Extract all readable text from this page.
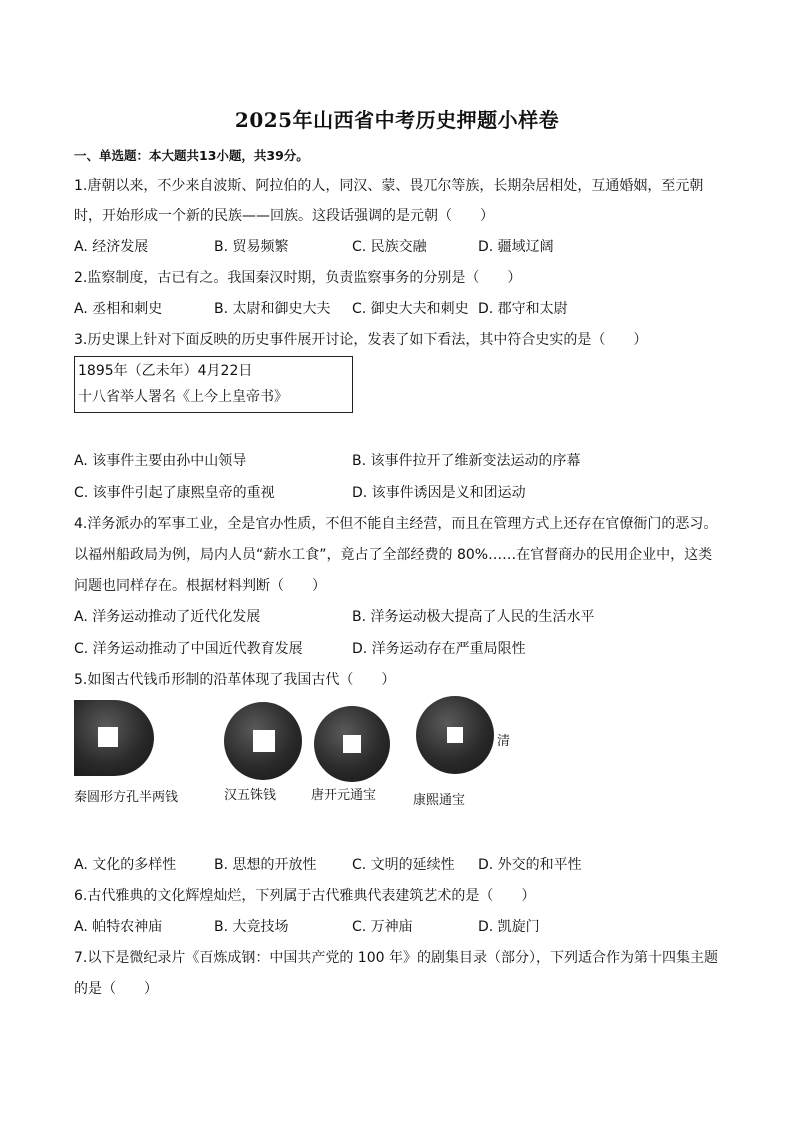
2025年山西省中考历史押题小样卷
一、单选题：本大题共13小题，共39分。
1.唐朝以来，不少来自波斯、阿拉伯的人，同汉、蒙、畏兀尔等族，长期杂居相处，互通婚姻，至元朝
时，开始形成一个新的民族——回族。这段话强调的是元朝（　　）
A. 经济发展	B. 贸易频繁	C. 民族交融	D. 疆域辽阔
2.监察制度，古已有之。我国秦汉时期，负责监察事务的分别是（　　）
A. 丞相和刺史	B. 太尉和御史大夫 C. 御史大夫和刺史 D. 郡守和太尉
3.历史课上针对下面反映的历史事件展开讨论，发表了如下看法，其中符合史实的是（　　）
1895年（乙未年）4月22日
十八省举人署名《上今上皇帝书》
A. 该事件主要由孙中山领导	B. 该事件拉开了维新变法运动的序幕
C. 该事件引起了康熙皇帝的重视	D. 该事件诱因是义和团运动
4.洋务派办的军事工业，全是官办性质，不但不能自主经营，而且在管理方式上还存在官僚衙门的恶习。
以福州船政局为例，局内人员“薪水工食”，竟占了全部经费的 80%……在官督商办的民用企业中，这类
问题也同样存在。根据材料判断（　　）
A. 洋务运动推动了近代化发展	B. 洋务运动极大提高了人民的生活水平
C. 洋务运动推动了中国近代教育发展	D. 洋务运动存在严重局限性
5.如图古代钱币形制的沿革体现了我国古代（　　）
清
秦圆形方孔半两钱	汉五铢钱	唐开元通宝	康熙通宝
A. 文化的多样性	B. 思想的开放性	C. 文明的延续性 D. 外交的和平性
6.古代雅典的文化辉煌灿烂，下列属于古代雅典代表建筑艺术的是（　　）
A. 帕特农神庙	B. 大竞技场	C. 万神庙	D. 凯旋门
7.以下是微纪录片《百炼成钢：中国共产党的 100 年》的剧集目录（部分），下列适合作为第十四集主题
的是（　　）
